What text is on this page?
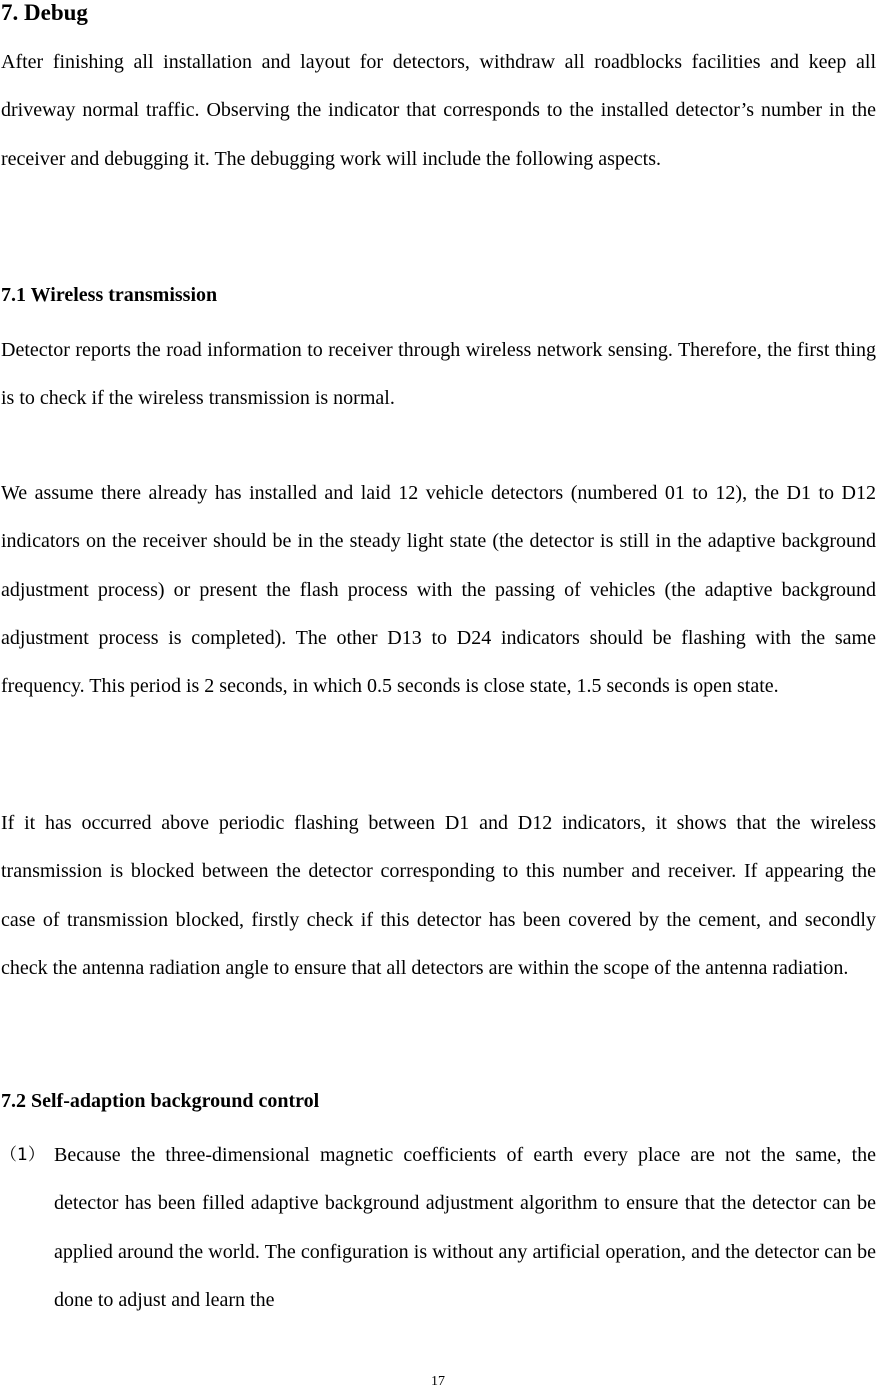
7. Debug

After finishing all installation and layout for detectors, withdraw all roadblocks facilities and keep all driveway normal traffic. Observing the indicator that corresponds to the installed detector’s number in the receiver and debugging it. The debugging work will include the following aspects.

7.1 Wireless transmission

Detector reports the road information to receiver through wireless network sensing. Therefore, the first thing is to check if the wireless transmission is normal.

We assume there already has installed and laid 12 vehicle detectors (numbered 01 to 12), the D1 to D12 indicators on the receiver should be in the steady light state (the detector is still in the adaptive background adjustment process) or present the flash process with the passing of vehicles (the adaptive background adjustment process is completed). The other D13 to D24 indicators should be flashing with the same frequency. This period is 2 seconds, in which 0.5 seconds is close state, 1.5 seconds is open state.

If it has occurred above periodic flashing between D1 and D12 indicators, it shows that the wireless transmission is blocked between the detector corresponding to this number and receiver. If appearing the case of transmission blocked, firstly check if this detector has been covered by the cement, and secondly check the antenna radiation angle to ensure that all detectors are within the scope of the antenna radiation.

7.2 Self-adaption background control
（1） Because the three-dimensional magnetic coefficients of earth every place are not the same, the detector has been filled adaptive background adjustment algorithm to ensure that the detector can be applied around the world. The configuration is without any artificial operation, and the detector can be done to adjust and learn the
17
